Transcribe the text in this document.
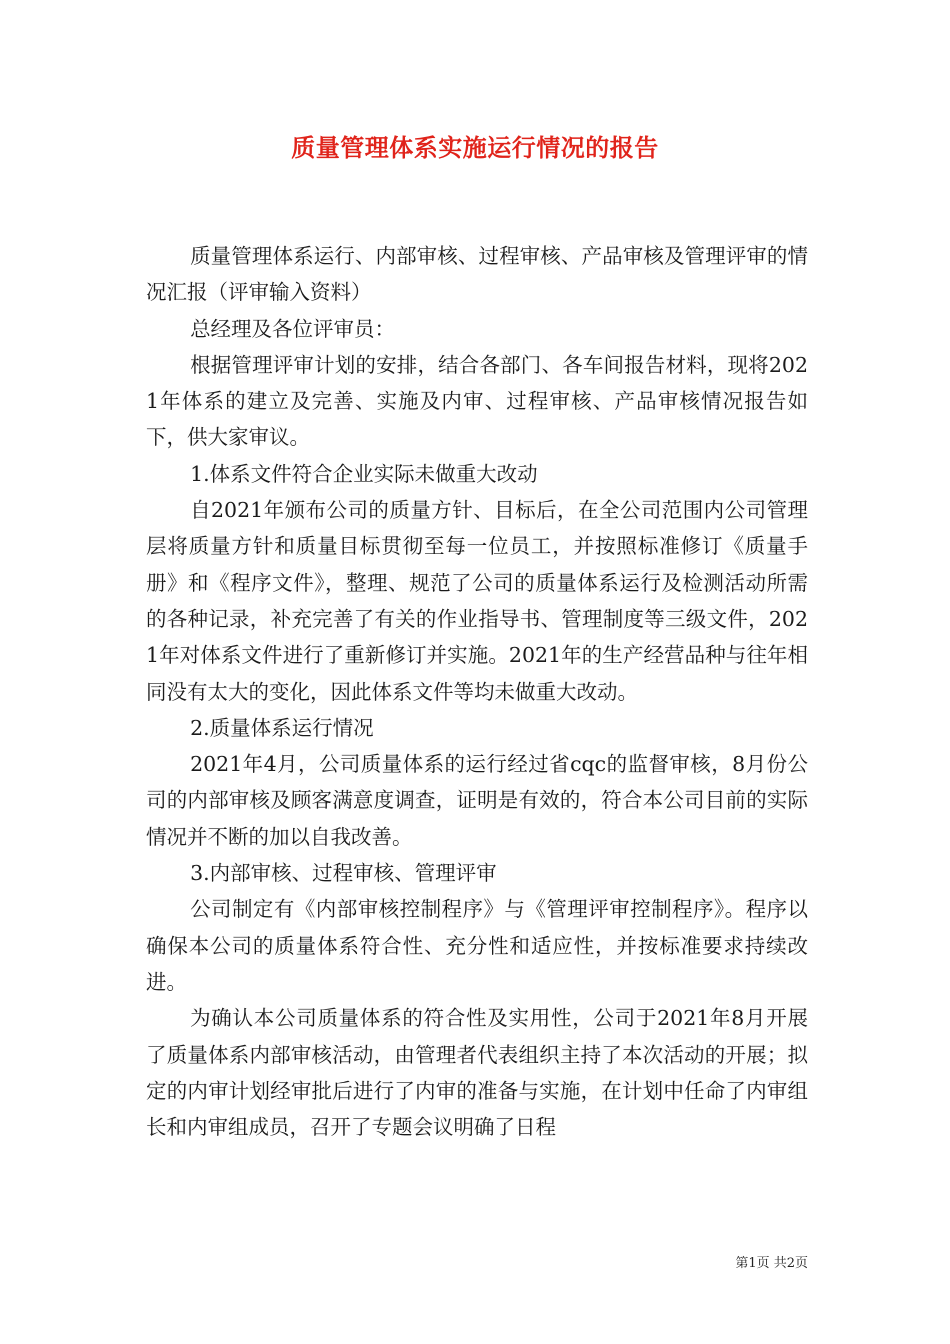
质量管理体系实施运行情况的报告

质量管理体系运行、内部审核、过程审核、产品审核及管理评审的情况汇报（评审输入资料）

总经理及各位评审员：

根据管理评审计划的安排，结合各部门、各车间报告材料，现将2021年体系的建立及完善、实施及内审、过程审核、产品审核情况报告如下，供大家审议。

1.体系文件符合企业实际未做重大改动

自2021年颁布公司的质量方针、目标后，在全公司范围内公司管理层将质量方针和质量目标贯彻至每一位员工，并按照标准修订《质量手册》和《程序文件》，整理、规范了公司的质量体系运行及检测活动所需的各种记录，补充完善了有关的作业指导书、管理制度等三级文件，2021年对体系文件进行了重新修订并实施。2021年的生产经营品种与往年相同没有太大的变化，因此体系文件等均未做重大改动。

2.质量体系运行情况

2021年4月，公司质量体系的运行经过省cqc的监督审核，8月份公司的内部审核及顾客满意度调查，证明是有效的，符合本公司目前的实际情况并不断的加以自我改善。

3.内部审核、过程审核、管理评审

公司制定有《内部审核控制程序》与《管理评审控制程序》。程序以确保本公司的质量体系符合性、充分性和适应性，并按标准要求持续改进。

为确认本公司质量体系的符合性及实用性，公司于2021年8月开展了质量体系内部审核活动，由管理者代表组织主持了本次活动的开展；拟定的内审计划经审批后进行了内审的准备与实施，在计划中任命了内审组长和内审组成员，召开了专题会议明确了日程

第1页 共2页
